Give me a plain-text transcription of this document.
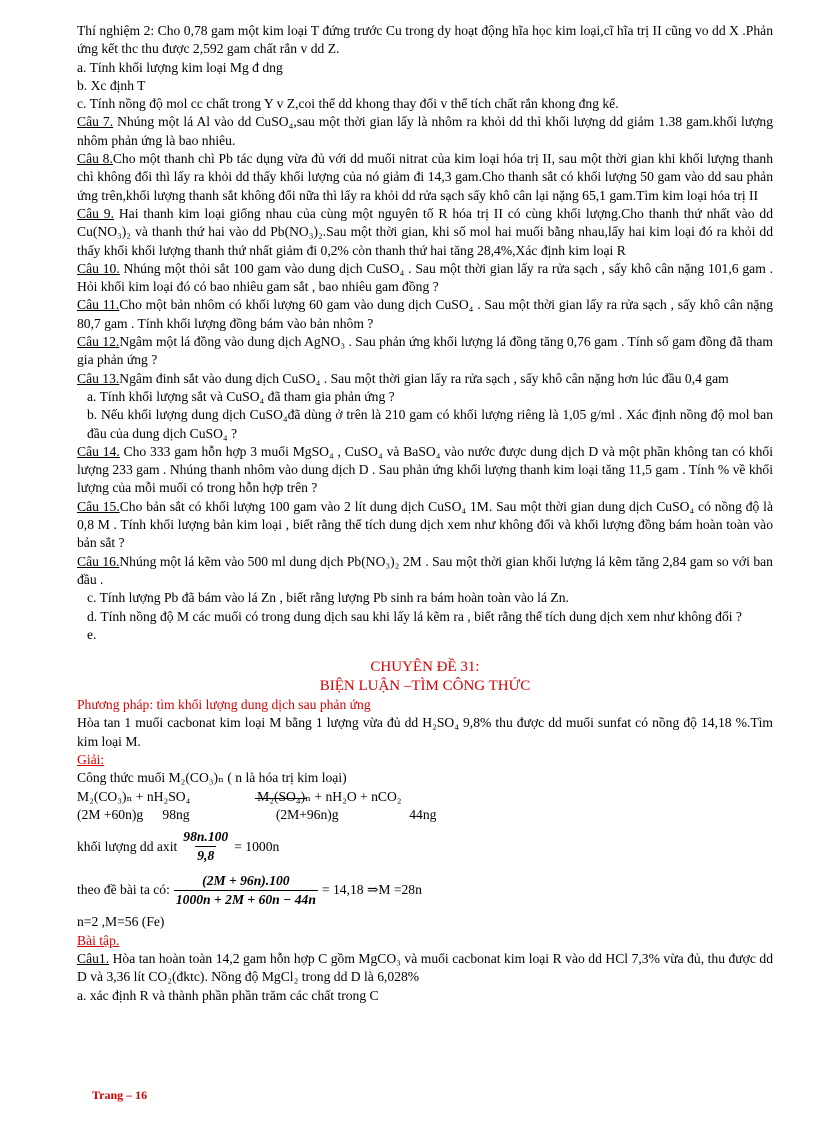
Thí nghiệm 2: Cho 0,78 gam một kim loại T đứng trước Cu trong dy hoạt động hĩa học kim loại,cĩ hĩa trị II cũng vo dd X .Phản ứng kết thc thu được 2,592 gam chất rắn v dd Z.

a. Tính khối lượng kim loại Mg đ dng

b. Xc định T

c. Tính nồng độ mol cc chất trong Y v Z,coi thể dd khong thay đổi v thể tích chất rắn khong đng kể.

Câu 7. Nhúng một lá Al vào dd CuSO₄,sau một thời gian lấy là nhôm ra khỏi dd thì khối lượng dd giảm 1.38 gam.khối lượng nhôm phản ứng là bao nhiêu.

Câu 8.Cho một thanh chì Pb tác dụng vừa đủ với dd muối nitrat của kim loại hóa trị II, sau một thời gian khi khối lượng thanh chì không đổi thì lấy ra khỏi dd thấy khối lượng của nó giảm đi 14,3 gam.Cho thanh sắt có khối lượng 50 gam vào dd sau phản ứng trên,khối lượng thanh sắt không đổi nữa thì lấy ra khỏi dd rửa sạch sấy khô cân lại nặng 65,1 gam.Tìm kim loại hóa trị II

Câu 9. Hai thanh kim loại giống nhau của cùng một nguyên tố R hóa trị II có cùng khối lượng.Cho thanh thứ nhất vào dd Cu(NO₃)₂ và thanh thứ hai vào dd Pb(NO₃)₂.Sau một thời gian, khi số mol hai muối bằng nhau,lấy hai kim loại đó ra khỏi dd thấy khối khối lượng thanh thứ nhất giảm đi 0,2% còn thanh thứ hai tăng 28,4%,Xác định kim loại R

Câu 10. Nhúng một thỏi sắt 100 gam vào dung dịch CuSO₄ . Sau một thời gian lấy ra rửa sạch , sấy khô cân nặng 101,6 gam . Hỏi khối kim loại đó có bao nhiêu gam sắt , bao nhiêu gam đồng ?

Câu 11.Cho một bản nhôm có khối lượng 60 gam vào dung dịch CuSO₄ . Sau một thời gian lấy ra rửa sạch , sấy khô cân nặng 80,7 gam . Tính khối lượng đồng bám vào bản nhôm ?

Câu 12.Ngâm một lá đồng vào dung dịch AgNO₃ . Sau phản ứng khối lượng lá đồng tăng 0,76 gam . Tính số gam đồng đã tham gia phản ứng ?

Câu 13.Ngâm đinh sắt vào dung dịch CuSO₄ . Sau một thời gian lấy ra rửa sạch , sấy khô cân nặng hơn lúc đầu 0,4 gam

a. Tính khối lượng sắt và CuSO₄ đã tham gia phản ứng ?

b. Nếu khối lượng dung dịch CuSO₄đã dùng ở trên là 210 gam có khối lượng riêng là 1,05 g/ml . Xác định nồng độ mol ban đầu của dung dịch CuSO₄ ?

Câu 14. Cho 333 gam hỗn hợp 3 muối MgSO₄ , CuSO₄ và BaSO₄ vào nước được dung dịch D và một phần không tan có khối lượng 233 gam . Nhúng thanh nhôm vào dung dịch D . Sau phản ứng khối lượng thanh kim loại tăng 11,5 gam . Tính % về khối lượng của mỗi muối có trong hỗn hợp trên ?

Câu 15.Cho bản sắt có khối lượng 100 gam vào 2 lít dung dịch CuSO₄ 1M. Sau một thời gian dung dịch CuSO₄ có nồng độ là 0,8 M . Tính khối lượng bản kim loại , biết rằng thể tích dung dịch xem như không đổi và khối lượng đồng bám hoàn toàn vào bản sắt ?

Câu 16.Nhúng một lá kẽm vào 500 ml dung dịch Pb(NO₃)₂ 2M . Sau một thời gian khối lượng lá kẽm tăng 2,84 gam so với ban đầu .

c. Tính lượng Pb đã bám vào lá Zn , biết rằng lượng Pb sinh ra bám hoàn toàn vào lá Zn.

d. Tính nồng độ M các muối có trong dung dịch sau khi lấy lá kẽm ra , biết rằng thể tích dung dịch xem như không đổi ?

e.

CHUYÊN ĐỀ 31:

BIỆN LUẬN –TÌM CÔNG THỨC

Phương pháp: tìm khối lượng dung dịch sau phản ứng

Hòa tan 1 muối cacbonat kim loại M bằng 1 lượng vừa đủ dd H₂SO₄ 9,8% thu được dd muối sunfat có nồng độ 14,18 %.Tìm kim loại M.

Giải:

Công thức muối M₂(CO₃)ₙ ( n là hóa trị kim loại)

M₂(CO₃)ₙ + nH₂SO₄	M₂(SO₄)ₙ + nH₂O + nCO₂

(2M +60n)g 98ng	(2M+96n)g	44ng

khối lượng dd axit $\frac{98n.100}{9,8} = 1000n$
theo đề bài ta có: $\frac{(2M + 96n).100}{1000n + 2M + 60n - 44n} = 14,18$ ⇒M =28n

n=2 ,M=56 (Fe)

Bài tập.

Câu1. Hòa tan hoàn toàn 14,2 gam hỗn hợp C gồm MgCO₃ và muối cacbonat kim loại R vào dd HCl 7,3% vừa đủ, thu được dd D và 3,36 lít CO₂(đktc). Nồng độ MgCl₂ trong dd D là 6,028%

a. xác định R và thành phần phần trăm các chất trong C

Trang – 16
